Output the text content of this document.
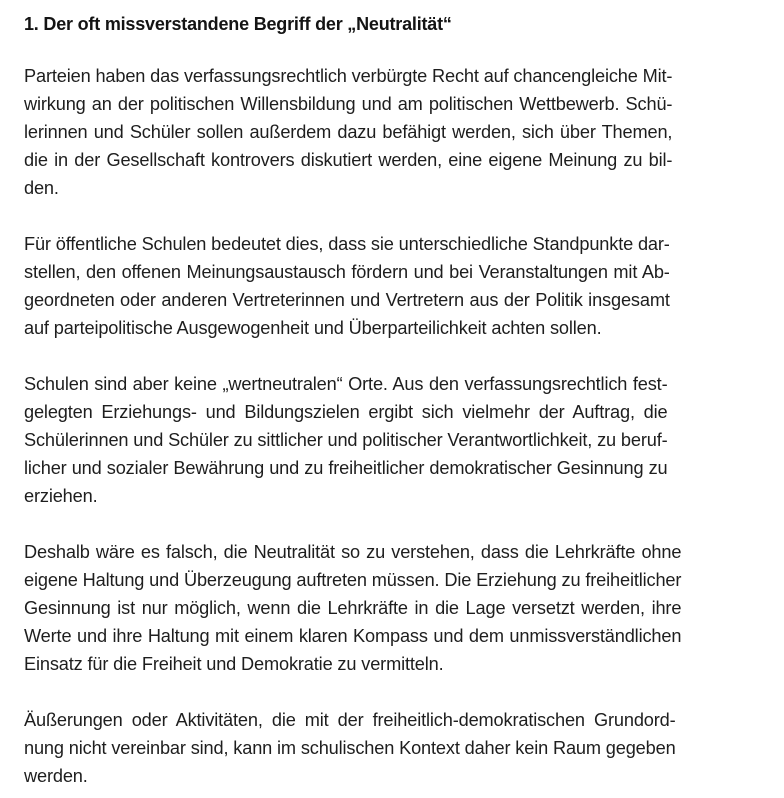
1. Der oft missverstandene Begriff der „Neutralität“
Parteien haben das verfassungsrechtlich verbürgte Recht auf chancengleiche Mit-
wirkung an der politischen Willensbildung und am politischen Wettbewerb. Schü-
lerinnen und Schüler sollen außerdem dazu befähigt werden, sich über Themen,
die in der Gesellschaft kontrovers diskutiert werden, eine eigene Meinung zu bil-
den.
Für öffentliche Schulen bedeutet dies, dass sie unterschiedliche Standpunkte dar-
stellen, den offenen Meinungsaustausch fördern und bei Veranstaltungen mit Ab-
geordneten oder anderen Vertreterinnen und Vertretern aus der Politik insgesamt
auf parteipolitische Ausgewogenheit und Überparteilichkeit achten sollen.
Schulen sind aber keine „wertneutralen“ Orte. Aus den verfassungsrechtlich fest-
gelegten Erziehungs- und Bildungszielen ergibt sich vielmehr der Auftrag, die
Schülerinnen und Schüler zu sittlicher und politischer Verantwortlichkeit, zu beruf-
licher und sozialer Bewährung und zu freiheitlicher demokratischer Gesinnung zu
erziehen.
Deshalb wäre es falsch, die Neutralität so zu verstehen, dass die Lehrkräfte ohne
eigene Haltung und Überzeugung auftreten müssen. Die Erziehung zu freiheitlicher
Gesinnung ist nur möglich, wenn die Lehrkräfte in die Lage versetzt werden, ihre
Werte und ihre Haltung mit einem klaren Kompass und dem unmissverständlichen
Einsatz für die Freiheit und Demokratie zu vermitteln.
Äußerungen oder Aktivitäten, die mit der freiheitlich-demokratischen Grundord-
nung nicht vereinbar sind, kann im schulischen Kontext daher kein Raum gegeben
werden.
